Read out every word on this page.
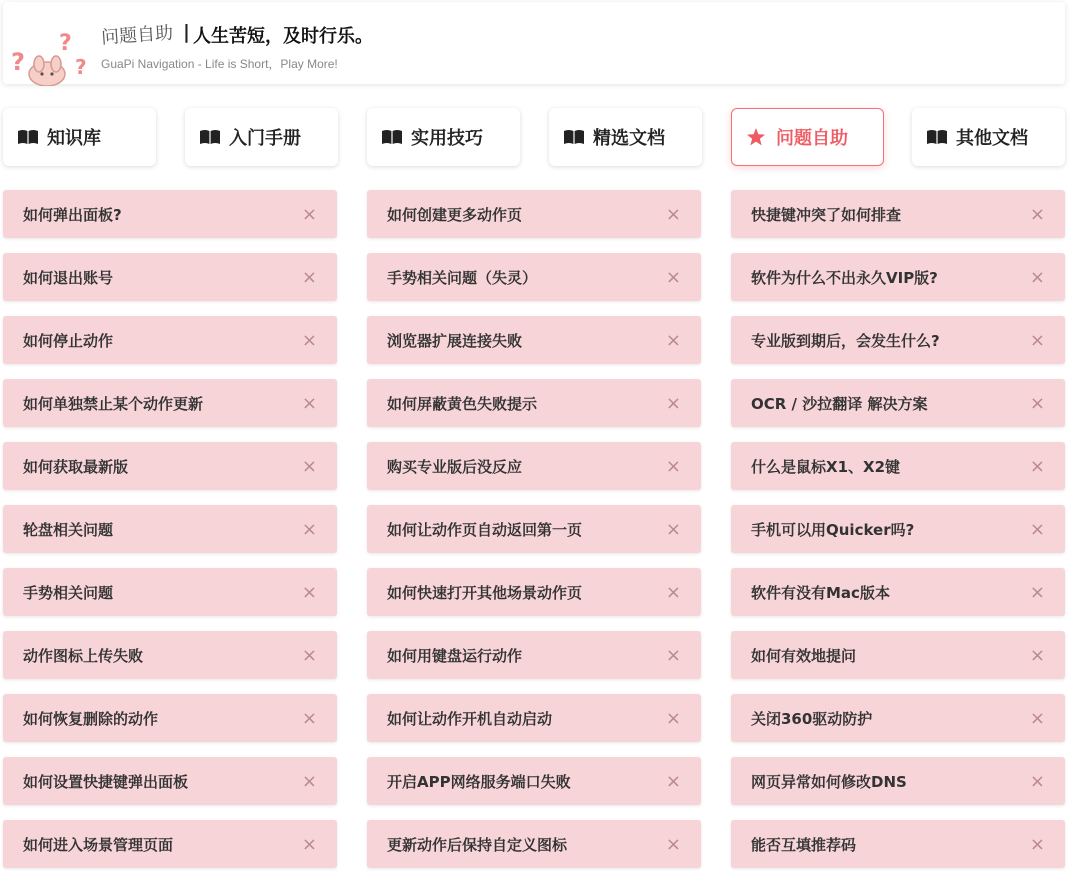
?
?
?
问题自助 | 人生苦短，及时行乐。
GuaPi Navigation - Life is Short，Play More!
知识库	入门手册	实用技巧	精选文档	问题自助	其他文档
如何弹出面板?	×
如何退出账号	×
如何停止动作	×
如何单独禁止某个动作更新	×
如何获取最新版	×
轮盘相关问题	×
手势相关问题	×
动作图标上传失败	×
如何恢复删除的动作	×
如何设置快捷键弹出面板	×
如何进入场景管理页面	×
如何创建更多动作页	×
手势相关问题（失灵）	×
浏览器扩展连接失败	×
如何屏蔽黄色失败提示	×
购买专业版后没反应	×
如何让动作页自动返回第一页	×
如何快速打开其他场景动作页	×
如何用键盘运行动作	×
如何让动作开机自动启动	×
开启APP网络服务端口失败	×
更新动作后保持自定义图标	×
快捷键冲突了如何排查	×
软件为什么不出永久VIP版?	×
专业版到期后，会发生什么?	×
OCR / 沙拉翻译 解决方案	×
什么是鼠标X1、X2键	×
手机可以用Quicker吗?	×
软件有没有Mac版本	×
如何有效地提问	×
关闭360驱动防护	×
网页异常如何修改DNS	×
能否互填推荐码	×
